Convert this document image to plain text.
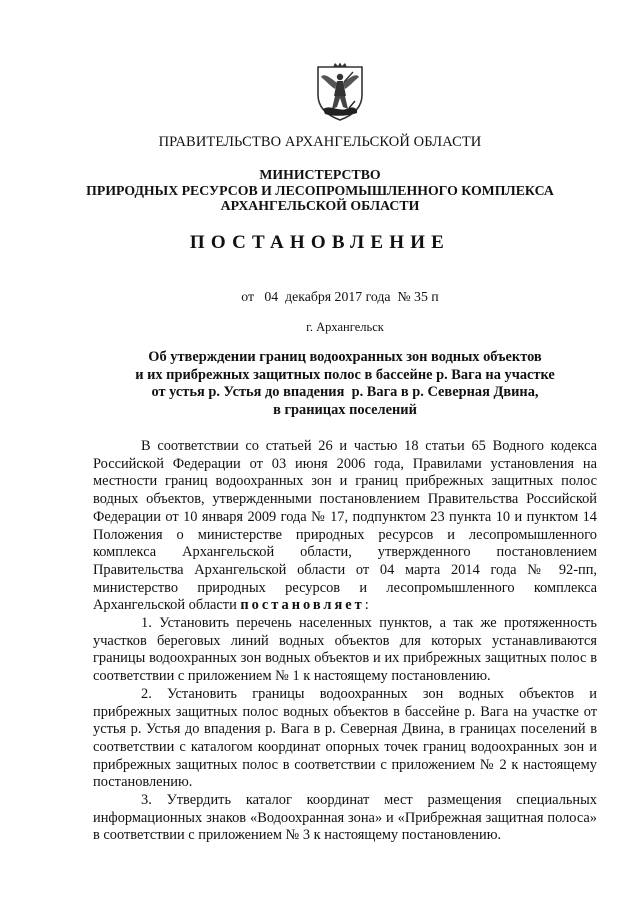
ПРАВИТЕЛЬСТВО АРХАНГЕЛЬСКОЙ ОБЛАСТИ
МИНИСТЕРСТВО
ПРИРОДНЫХ РЕСУРСОВ И ЛЕСОПРОМЫШЛЕННОГО КОМПЛЕКСА
АРХАНГЕЛЬСКОЙ ОБЛАСТИ
ПОСТАНОВЛЕНИЕ
от   04  декабря 2017 года  № 35 п
г. Архангельск
Об утверждении границ водоохранных зон водных объектов
и их прибрежных защитных полос в бассейне р. Вага на участке
от устья р. Устья до впадения  р. Вага в р. Северная Двина,
в границах поселений

В соответствии со статьей 26 и частью 18 статьи 65 Водного кодекса Российской Федерации от 03 июня 2006 года, Правилами установления на местности границ водоохранных зон и границ прибрежных защитных полос водных объектов, утвержденными постановлением Правительства Российской Федерации от 10 января 2009 года № 17, подпунктом 23 пункта 10 и пунктом 14 Положения о министерстве природных ресурсов и лесопромышленного комплекса Архангельской области, утвержденного постановлением Правительства Архангельской области от 04 марта 2014 года № 92-пп, министерство природных ресурсов и лесопромышленного комплекса Архангельской области постановляет:

1. Установить перечень населенных пунктов, а так же протяженность участков береговых линий водных объектов для которых устанавливаются границы водоохранных зон водных объектов и их прибрежных защитных полос в соответствии с приложением № 1 к настоящему постановлению.

2. Установить границы водоохранных зон водных объектов и прибрежных защитных полос водных объектов в бассейне р. Вага на участке от устья р. Устья до впадения р. Вага в р. Северная Двина, в границах поселений в соответствии с каталогом координат опорных точек границ водоохранных зон и прибрежных защитных полос в соответствии с приложением № 2 к настоящему постановлению.

3. Утвердить каталог координат мест размещения специальных информационных знаков «Водоохранная зона» и «Прибрежная защитная полоса» в соответствии с приложением № 3 к настоящему постановлению.
